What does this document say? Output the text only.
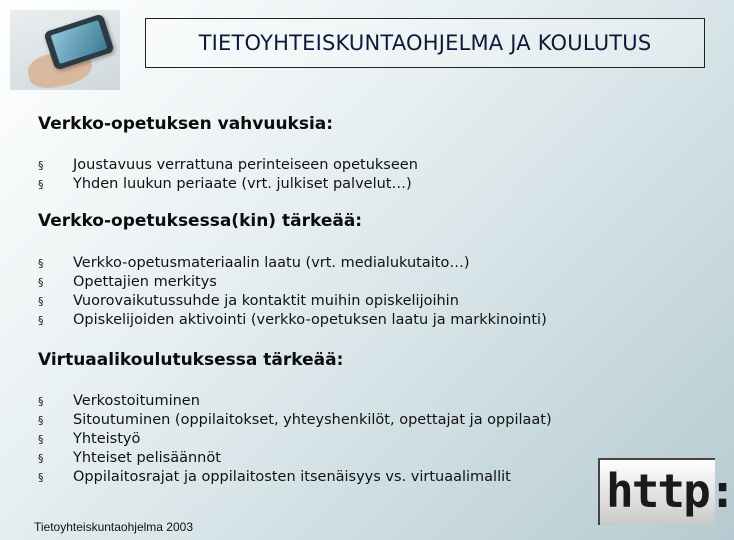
TIETOYHTEISKUNTAOHJELMA JA KOULUTUS
Verkko-opetuksen vahvuuksia:
§ Joustavuus verrattuna perinteiseen opetukseen
§ Yhden luukun periaate (vrt. julkiset palvelut…)
Verkko-opetuksessa(kin) tärkeää:
§ Verkko-opetusmateriaalin laatu (vrt. medialukutaito…)
§ Opettajien merkitys
§ Vuorovaikutussuhde ja kontaktit muihin opiskelijoihin
§ Opiskelijoiden aktivointi (verkko-opetuksen laatu ja markkinointi)
Virtuaalikoulutuksessa tärkeää:
§ Verkostoituminen
§ Sitoutuminen (oppilaitokset, yhteyshenkilöt, opettajat ja oppilaat)
§ Yhteistyö
§ Yhteiset pelisäännöt
§ Oppilaitosrajat ja oppilaitosten itsenäisyys vs. virtuaalimallit	http:
Tietoyhteiskuntaohjelma 2003
